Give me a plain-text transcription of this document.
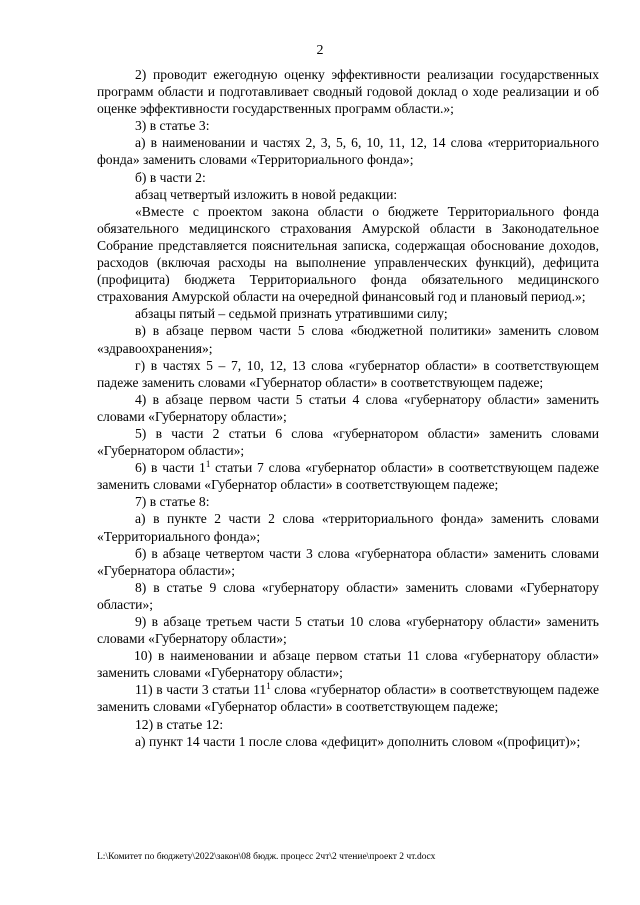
2

2) проводит ежегодную оценку эффективности реализации государственных программ области и подготавливает сводный годовой доклад о ходе реализации и об оценке эффективности государственных программ области.»;

3) в статье 3:

а) в наименовании и частях 2, 3, 5, 6, 10, 11, 12, 14 слова «территориального фонда» заменить словами «Территориального фонда»;

б) в части 2:

абзац четвертый изложить в новой редакции:

«Вместе с проектом закона области о бюджете Территориального фонда обязательного медицинского страхования Амурской области в Законодательное Собрание представляется пояснительная записка, содержащая обоснование доходов, расходов (включая расходы на выполнение управленческих функций), дефицита (профицита) бюджета Территориального фонда обязательного медицинского страхования Амурской области на очередной финансовый год и плановый период.»;

абзацы пятый – седьмой признать утратившими силу;

в) в абзаце первом части 5 слова «бюджетной политики» заменить словом «здравоохранения»;

г) в частях 5 – 7, 10, 12, 13 слова «губернатор области» в соответствующем падеже заменить словами «Губернатор области» в соответствующем падеже;

4) в абзаце первом части 5 статьи 4 слова «губернатору области» заменить словами «Губернатору области»;

5) в части 2 статьи 6 слова «губернатором области» заменить словами «Губернатором области»;

6) в части $1^1$ статьи 7 слова «губернатор области» в соответствующем падеже заменить словами «Губернатор области» в соответствующем падеже;

7) в статье 8:

а) в пункте 2 части 2 слова «территориального фонда» заменить словами «Территориального фонда»;

б) в абзаце четвертом части 3 слова «губернатора области» заменить словами «Губернатора области»;

8) в статье 9 слова «губернатору области» заменить словами «Губернатору области»;

9) в абзаце третьем части 5 статьи 10 слова «губернатору области» заменить словами «Губернатору области»;

10) в наименовании и абзаце первом статьи 11 слова «губернатору области» заменить словами «Губернатору области»;

11) в части 3 статьи $11^1$ слова «губернатор области» в соответствующем падеже заменить словами «Губернатор области» в соответствующем падеже;

12) в статье 12:

а) пункт 14 части 1 после слова «дефицит» дополнить словом «(профицит)»;

L:\Комитет по бюджету\2022\закон\08 бюдж. процесс 2чт\2 чтение\проект 2 чт.docx
